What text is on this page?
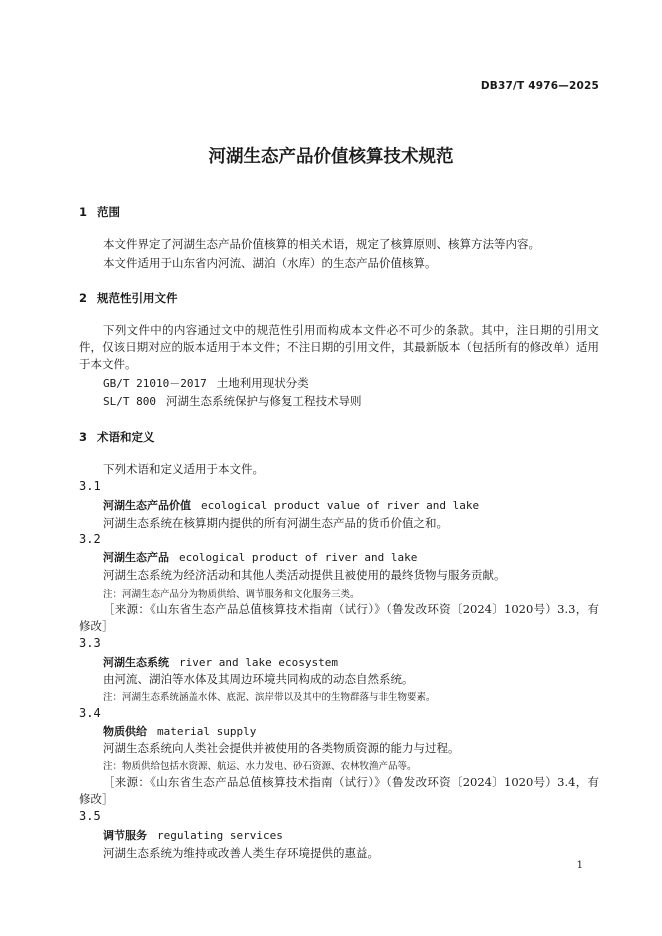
DB37/T 4976—2025
河湖生态产品价值核算技术规范
1 范围
本文件界定了河湖生态产品价值核算的相关术语，规定了核算原则、核算方法等内容。
本文件适用于山东省内河流、湖泊（水库）的生态产品价值核算。
2 规范性引用文件
下列文件中的内容通过文中的规范性引用而构成本文件必不可少的条款。其中，注日期的引用文件，仅该日期对应的版本适用于本文件；不注日期的引用文件，其最新版本（包括所有的修改单）适用于本文件。
GB/T 21010－2017 土地利用现状分类
SL/T 800 河湖生态系统保护与修复工程技术导则
3 术语和定义
下列术语和定义适用于本文件。
3.1
河湖生态产品价值 ecological product value of river and lake
河湖生态系统在核算期内提供的所有河湖生态产品的货币价值之和。
3.2
河湖生态产品 ecological product of river and lake
河湖生态系统为经济活动和其他人类活动提供且被使用的最终货物与服务贡献。
注：河湖生态产品分为物质供给、调节服务和文化服务三类。
［来源：《山东省生态产品总值核算技术指南（试行）》（鲁发改环资〔2024〕1020号）3.3，有修改］
3.3
河湖生态系统 river and lake ecosystem
由河流、湖泊等水体及其周边环境共同构成的动态自然系统。
注：河湖生态系统涵盖水体、底泥、滨岸带以及其中的生物群落与非生物要素。
3.4
物质供给 material supply
河湖生态系统向人类社会提供并被使用的各类物质资源的能力与过程。
注：物质供给包括水资源、航运、水力发电、砂石资源、农林牧渔产品等。
［来源：《山东省生态产品总值核算技术指南（试行）》（鲁发改环资〔2024〕1020号）3.4，有修改］
3.5
调节服务 regulating services
河湖生态系统为维持或改善人类生存环境提供的惠益。
1
